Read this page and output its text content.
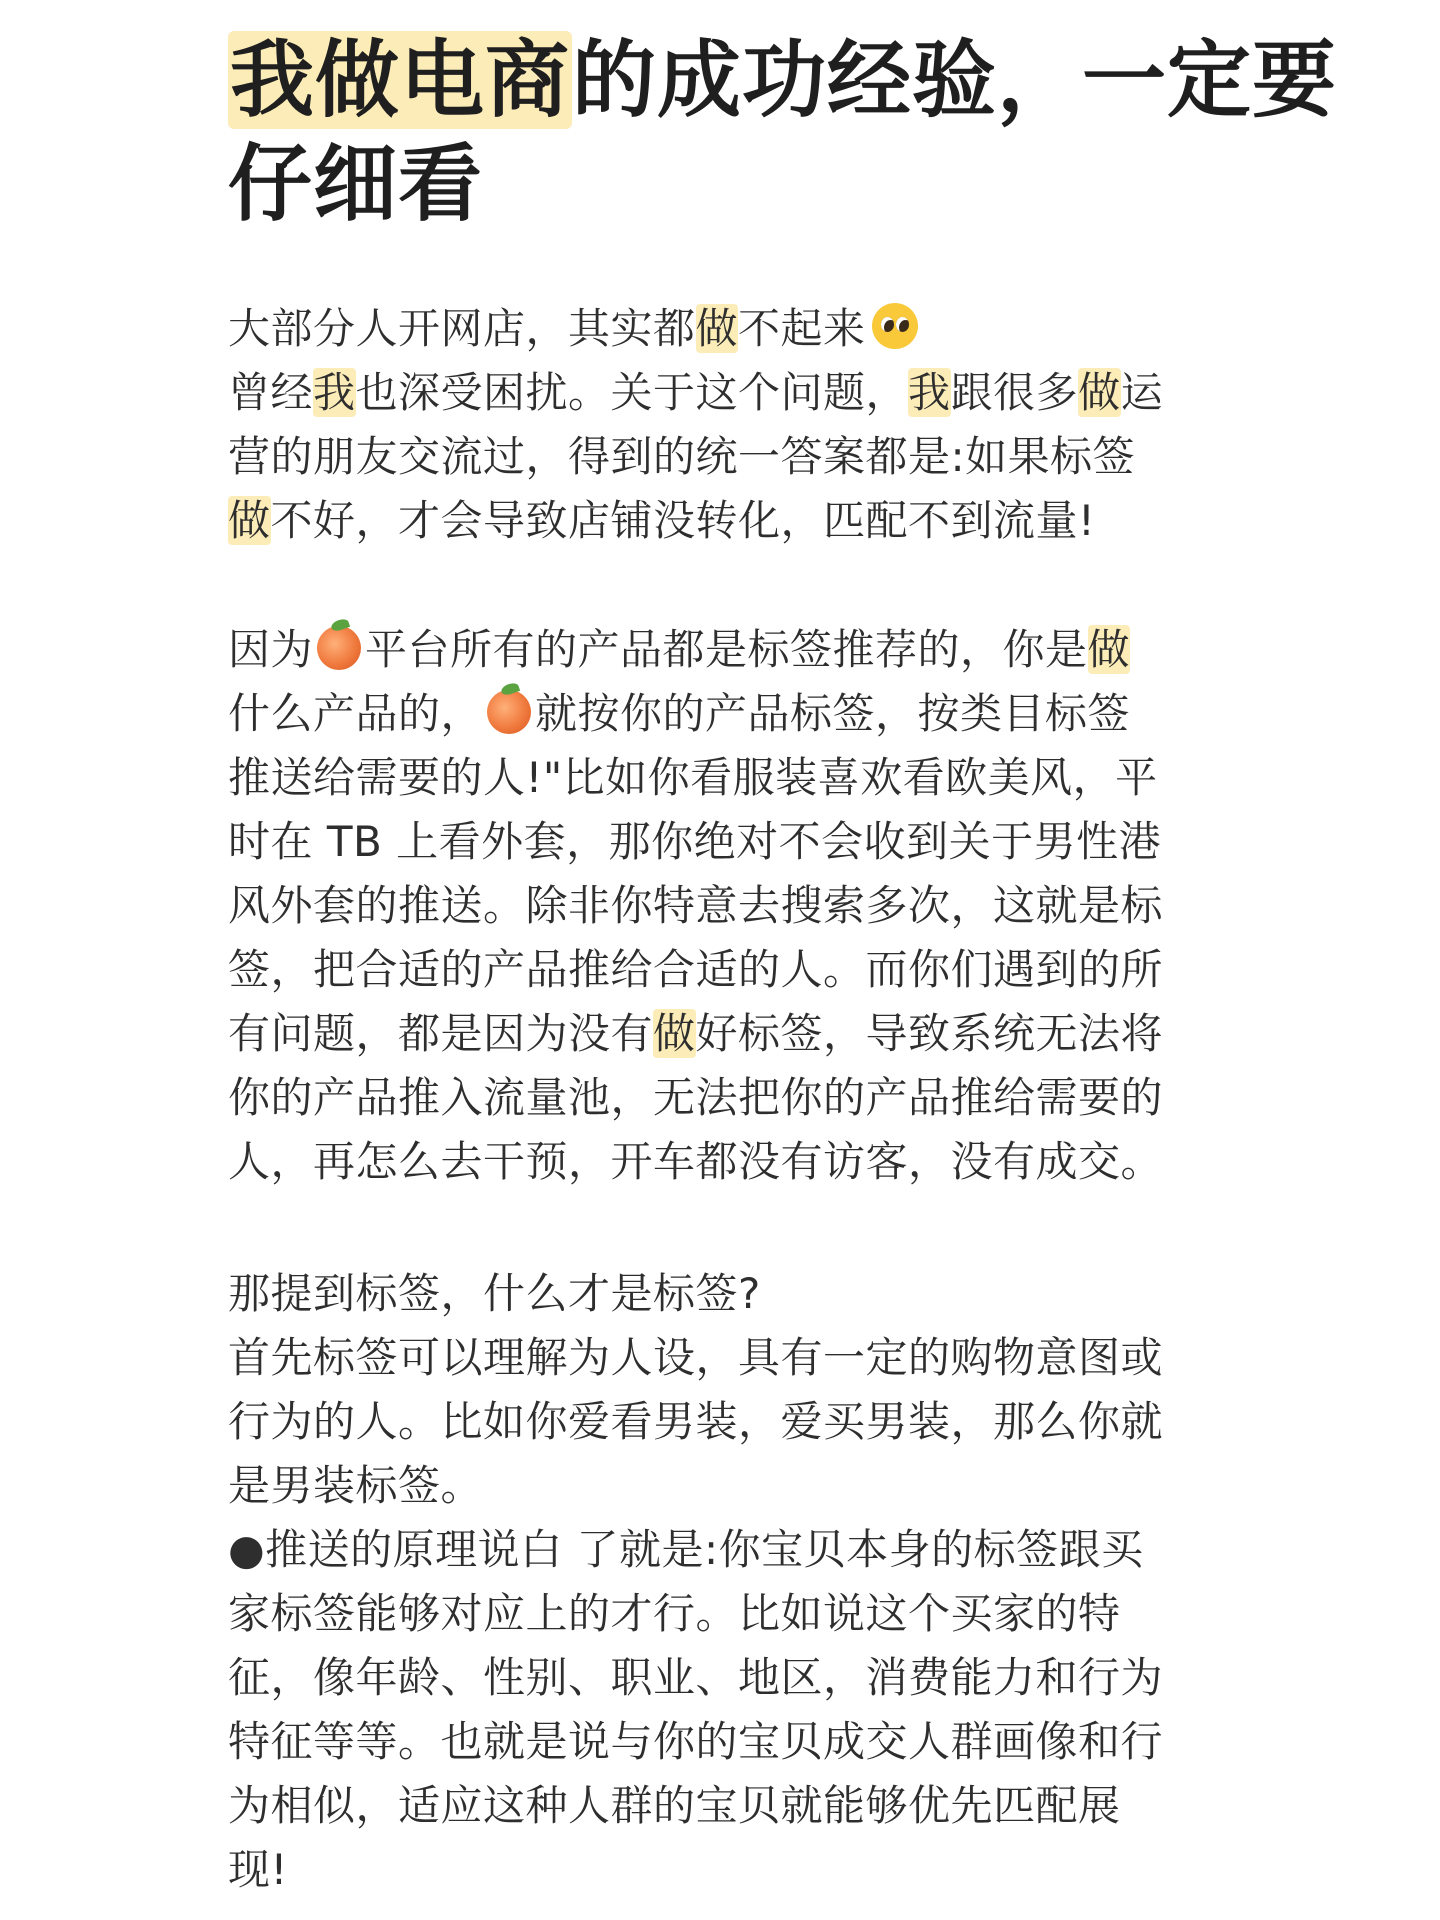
我做电商的成功经验，一定要
仔细看
大部分人开网店，其实都做不起来
曾经我也深受困扰。关于这个问题，我跟很多做运
营的朋友交流过，得到的统一答案都是:如果标签
做不好，才会导致店铺没转化，匹配不到流量!
因为 平台所有的产品都是标签推荐的，你是做
什么产品的， 就按你的产品标签，按类目标签
推送给需要的人!"比如你看服装喜欢看欧美风，平
时在 TB 上看外套，那你绝对不会收到关于男性港
风外套的推送。除非你特意去搜索多次，这就是标
签，把合适的产品推给合适的人。而你们遇到的所
有问题，都是因为没有做好标签，导致系统无法将
你的产品推入流量池，无法把你的产品推给需要的
人，再怎么去干预，开车都没有访客，没有成交。
那提到标签，什么才是标签?
首先标签可以理解为人设，具有一定的购物意图或
行为的人。比如你爱看男装，爱买男装，那么你就
是男装标签。
●推送的原理说白 了就是:你宝贝本身的标签跟买
家标签能够对应上的才行。比如说这个买家的特
征，像年龄、性别、职业、地区，消费能力和行为
特征等等。也就是说与你的宝贝成交人群画像和行
为相似，适应这种人群的宝贝就能够优先匹配展
现!
